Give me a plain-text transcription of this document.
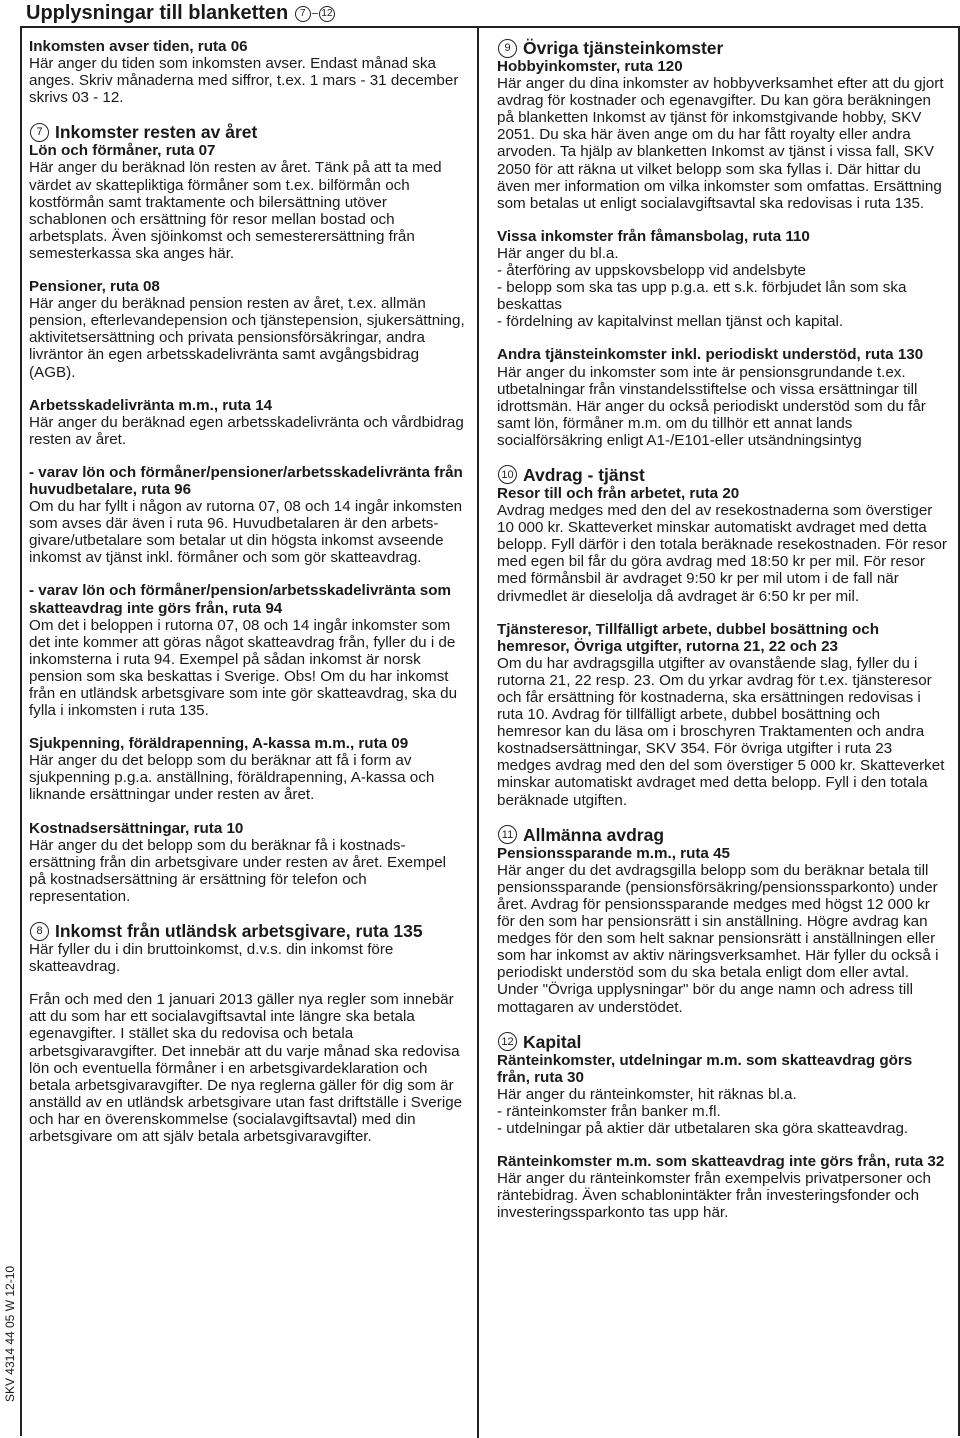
Upplysningar till blanketten 7 – 12
SKV 4314 44 05 W 12-10

Inkomsten avser tiden, ruta 06

Här anger du tiden som inkomsten avser. Endast månad ska anges. Skriv månaderna med siffror, t.ex. 1 mars - 31 december skrivs 03 - 12.

7 Inkomster resten av året

Lön och förmåner, ruta 07

Här anger du beräknad lön resten av året. Tänk på att ta med värdet av skattepliktiga förmåner som t.ex. bilförmån och kostförmån samt traktamente och bilersättning utöver schablonen och ersättning för resor mellan bostad och arbetsplats. Även sjöinkomst och semesterersättning från semesterkassa ska anges här.

Pensioner, ruta 08

Här anger du beräknad pension resten av året, t.ex. allmän pension, efterlevandepension och tjänstepension, sjukersättning, aktivitetsersättning och privata pensionsförsäkringar, andra livräntor än egen arbetsskadelivränta samt avgångsbidrag (AGB).

Arbetsskadelivränta m.m., ruta 14

Här anger du beräknad egen arbetsskadelivränta och vårdbidrag resten av året.

- varav lön och förmåner/pensioner/arbetsskadelivränta från huvudbetalare, ruta 96

Om du har fyllt i någon av rutorna 07, 08 och 14 ingår inkomsten som avses där även i ruta 96. Huvudbetalaren är den arbetsgivare/utbetalare som betalar ut din högsta inkomst avseende inkomst av tjänst inkl. förmåner och som gör skatteavdrag.

- varav lön och förmåner/pension/arbetsskadelivränta som skatteavdrag inte görs från, ruta 94

Om det i beloppen i rutorna 07, 08 och 14 ingår inkomster som det inte kommer att göras något skatteavdrag från, fyller du i de inkomsterna i ruta 94. Exempel på sådan inkomst är norsk pension som ska beskattas i Sverige. Obs! Om du har inkomst från en utländsk arbetsgivare som inte gör skatteavdrag, ska du fylla i inkomsten i ruta 135.

Sjukpenning, föräldrapenning, A-kassa m.m., ruta 09

Här anger du det belopp som du beräknar att få i form av sjukpenning p.g.a. anställning, föräldrapenning, A-kassa och liknande ersättningar under resten av året.

Kostnadsersättningar, ruta 10

Här anger du det belopp som du beräknar få i kostnadsersättning från din arbetsgivare under resten av året. Exempel på kostnadsersättning är ersättning för telefon och representation.

8 Inkomst från utländsk arbetsgivare, ruta 135

Här fyller du i din bruttoinkomst, d.v.s. din inkomst före skatteavdrag.

Från och med den 1 januari 2013 gäller nya regler som innebär att du som har ett socialavgiftsavtal inte längre ska betala egenavgifter. I stället ska du redovisa och betala arbetsgivaravgifter. Det innebär att du varje månad ska redovisa lön och eventuella förmåner i en arbetsgivardeklaration och betala arbetsgivaravgifter. De nya reglerna gäller för dig som är anställd av en utländsk arbetsgivare utan fast driftställe i Sverige och har en överenskommelse (socialavgiftsavtal) med din arbetsgivare om att själv betala arbetsgivaravgifter.

9 Övriga tjänsteinkomster

Hobbyinkomster, ruta 120

Här anger du dina inkomster av hobbyverksamhet efter att du gjort avdrag för kostnader och egenavgifter. Du kan göra beräkningen på blanketten Inkomst av tjänst för inkomstgivande hobby, SKV 2051. Du ska här även ange om du har fått royalty eller andra arvoden. Ta hjälp av blanketten Inkomst av tjänst i vissa fall, SKV 2050 för att räkna ut vilket belopp som ska fyllas i. Där hittar du även mer information om vilka inkomster som omfattas. Ersättning som betalas ut enligt socialavgiftsavtal ska redovisas i ruta 135.

Vissa inkomster från fåmansbolag, ruta 110

Här anger du bl.a.

- återföring av uppskovsbelopp vid andelsbyte

- belopp som ska tas upp p.g.a. ett s.k. förbjudet lån som ska beskattas

- fördelning av kapitalvinst mellan tjänst och kapital.

Andra tjänsteinkomster inkl. periodiskt understöd, ruta 130

Här anger du inkomster som inte är pensionsgrundande t.ex. utbetalningar från vinstandelsstiftelse och vissa ersättningar till idrottsmän. Här anger du också periodiskt understöd som du får samt lön, förmåner m.m. om du tillhör ett annat lands socialförsäkring enligt A1-/E101-eller utsändningsintyg

10 Avdrag - tjänst

Resor till och från arbetet, ruta 20

Avdrag medges med den del av resekostnaderna som överstiger 10 000 kr. Skatteverket minskar automatiskt avdraget med detta belopp. Fyll därför i den totala beräknade resekostnaden. För resor med egen bil får du göra avdrag med 18:50 kr per mil. För resor med förmånsbil är avdraget 9:50 kr per mil utom i de fall när drivmedlet är dieselolja då avdraget är 6:50 kr per mil.

Tjänsteresor, Tillfälligt arbete, dubbel bosättning och hemresor, Övriga utgifter, rutorna 21, 22 och 23

Om du har avdragsgilla utgifter av ovanstående slag, fyller du i rutorna 21, 22 resp. 23. Om du yrkar avdrag för t.ex. tjänsteresor och får ersättning för kostnaderna, ska ersättningen redovisas i ruta 10. Avdrag för tillfälligt arbete, dubbel bosättning och hemresor kan du läsa om i broschyren Traktamenten och andra kostnadsersättningar, SKV 354. För övriga utgifter i ruta 23 medges avdrag med den del som överstiger 5 000 kr. Skatteverket minskar automatiskt avdraget med detta belopp. Fyll i den totala beräknade utgiften.

11 Allmänna avdrag

Pensionssparande m.m., ruta 45

Här anger du det avdragsgilla belopp som du beräknar betala till pensionssparande (pensionsförsäkring/pensionssparkonto) under året. Avdrag för pensionssparande medges med högst 12 000 kr för den som har pensionsrätt i sin anställning. Högre avdrag kan medges för den som helt saknar pensionsrätt i anställningen eller som har inkomst av aktiv näringsverksamhet. Här fyller du också i periodiskt understöd som du ska betala enligt dom eller avtal. Under "Övriga upplysningar" bör du ange namn och adress till mottagaren av understödet.

12 Kapital

Ränteinkomster, utdelningar m.m. som skatteavdrag görs från, ruta 30

Här anger du ränteinkomster, hit räknas bl.a.

- ränteinkomster från banker m.fl.

- utdelningar på aktier där utbetalaren ska göra skatteavdrag.

Ränteinkomster m.m. som skatteavdrag inte görs från, ruta 32

Här anger du ränteinkomster från exempelvis privatpersoner och räntebidrag. Även schablonintäkter från investeringsfonder och investeringssparkonto tas upp här.
